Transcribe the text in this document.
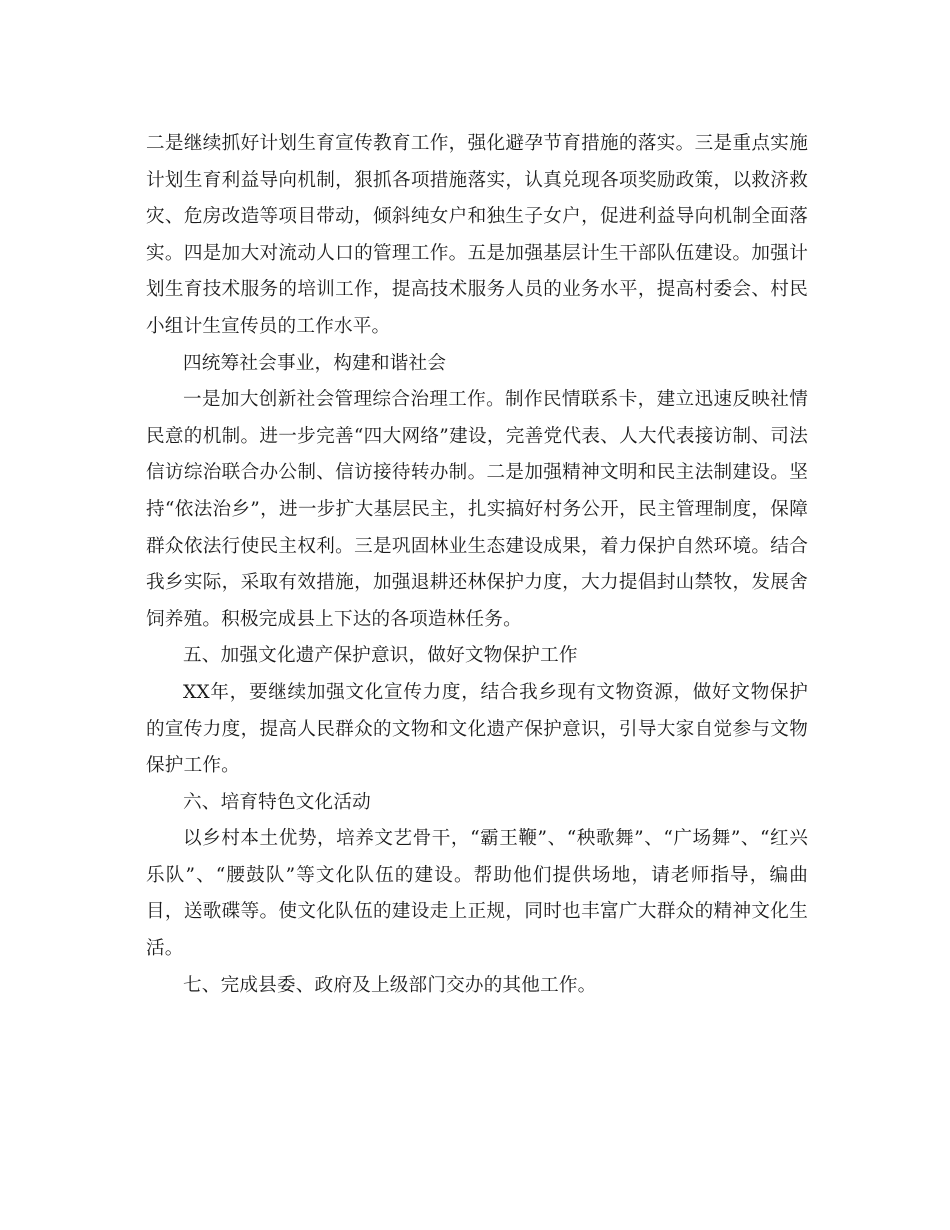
二是继续抓好计划生育宣传教育工作，强化避孕节育措施的落实。三是重点实施计划生育利益导向机制，狠抓各项措施落实，认真兑现各项奖励政策，以救济救灾、危房改造等项目带动，倾斜纯女户和独生子女户，促进利益导向机制全面落实。四是加大对流动人口的管理工作。五是加强基层计生干部队伍建设。加强计划生育技术服务的培训工作，提高技术服务人员的业务水平，提高村委会、村民小组计生宣传员的工作水平。

四统筹社会事业，构建和谐社会

一是加大创新社会管理综合治理工作。制作民情联系卡，建立迅速反映社情民意的机制。进一步完善“四大网络”建设，完善党代表、人大代表接访制、司法信访综治联合办公制、信访接待转办制。二是加强精神文明和民主法制建设。坚持“依法治乡”，进一步扩大基层民主，扎实搞好村务公开，民主管理制度，保障群众依法行使民主权利。三是巩固林业生态建设成果，着力保护自然环境。结合我乡实际，采取有效措施，加强退耕还林保护力度，大力提倡封山禁牧，发展舍饲养殖。积极完成县上下达的各项造林任务。

五、加强文化遗产保护意识，做好文物保护工作

XX年，要继续加强文化宣传力度，结合我乡现有文物资源，做好文物保护的宣传力度，提高人民群众的文物和文化遗产保护意识，引导大家自觉参与文物保护工作。

六、培育特色文化活动

以乡村本土优势，培养文艺骨干，“霸王鞭”、“秧歌舞”、“广场舞”、“红兴乐队”、“腰鼓队”等文化队伍的建设。帮助他们提供场地，请老师指导，编曲目，送歌碟等。使文化队伍的建设走上正规，同时也丰富广大群众的精神文化生活。

七、完成县委、政府及上级部门交办的其他工作。
